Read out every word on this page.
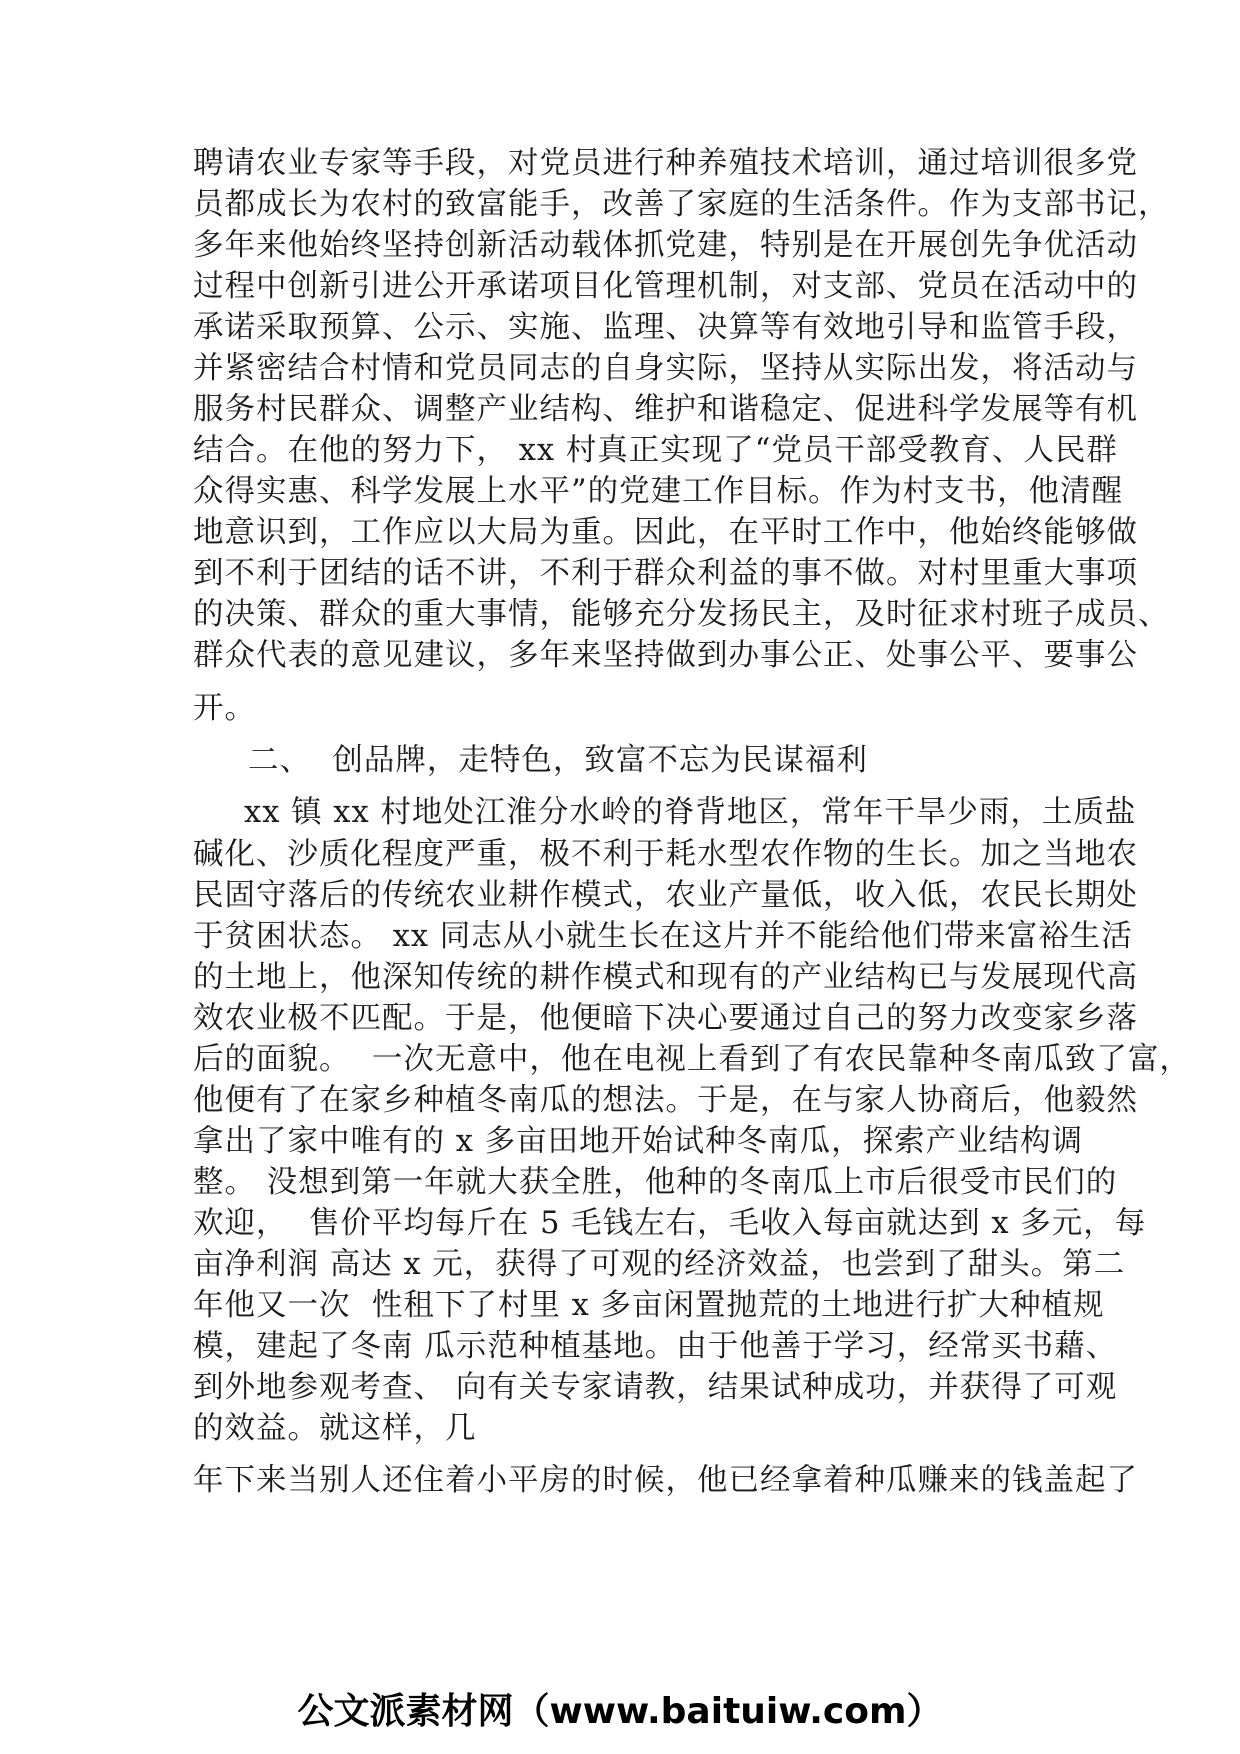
聘请农业专家等手段，对党员进行种养殖技术培训，通过培训很多党
员都成长为农村的致富能手，改善了家庭的生活条件。作为支部书记，
多年来他始终坚持创新活动载体抓党建，特别是在开展创先争优活动
过程中创新引进公开承诺项目化管理机制，对支部、党员在活动中的
承诺采取预算、公示、实施、监理、决算等有效地引导和监管手段，
并紧密结合村情和党员同志的自身实际，坚持从实际出发，将活动与
服务村民群众、调整产业结构、维护和谐稳定、促进科学发展等有机
结合。在他的努力下， xx 村真正实现了“党员干部受教育、人民群
众得实惠、科学发展上水平”的党建工作目标。作为村支书，他清醒
地意识到，工作应以大局为重。因此，在平时工作中，他始终能够做
到不利于团结的话不讲，不利于群众利益的事不做。对村里重大事项
的决策、群众的重大事情，能够充分发扬民主，及时征求村班子成员、
群众代表的意见建议，多年来坚持做到办事公正、处事公平、要事公
开。
二、  创品牌，走特色，致富不忘为民谋福利
xx 镇 xx 村地处江淮分水岭的脊背地区，常年干旱少雨，土质盐
碱化、沙质化程度严重，极不利于耗水型农作物的生长。加之当地农
民固守落后的传统农业耕作模式，农业产量低，收入低，农民长期处
于贫困状态。 xx 同志从小就生长在这片并不能给他们带来富裕生活
的土地上，他深知传统的耕作模式和现有的产业结构已与发展现代高
效农业极不匹配。于是，他便暗下决心要通过自己的努力改变家乡落
后的面貌。  一次无意中，他在电视上看到了有农民靠种冬南瓜致了富，
他便有了在家乡种植冬南瓜的想法。于是，在与家人协商后，他毅然
拿出了家中唯有的 x 多亩田地开始试种冬南瓜，探索产业结构调
整。 没想到第一年就大获全胜，他种的冬南瓜上市后很受市民们的
欢迎，  售价平均每斤在 5 毛钱左右，毛收入每亩就达到 x 多元，每
亩净利润 高达 x 元，获得了可观的经济效益，也尝到了甜头。第二
年他又一次  性租下了村里 x 多亩闲置抛荒的土地进行扩大种植规
模，建起了冬南 瓜示范种植基地。由于他善于学习，经常买书藉、
到外地参观考查、 向有关专家请教，结果试种成功，并获得了可观
的效益。就这样，几
年下来当别人还住着小平房的时候，他已经拿着种瓜赚来的钱盖起了
公文派素材网（www.baituiw.com）
